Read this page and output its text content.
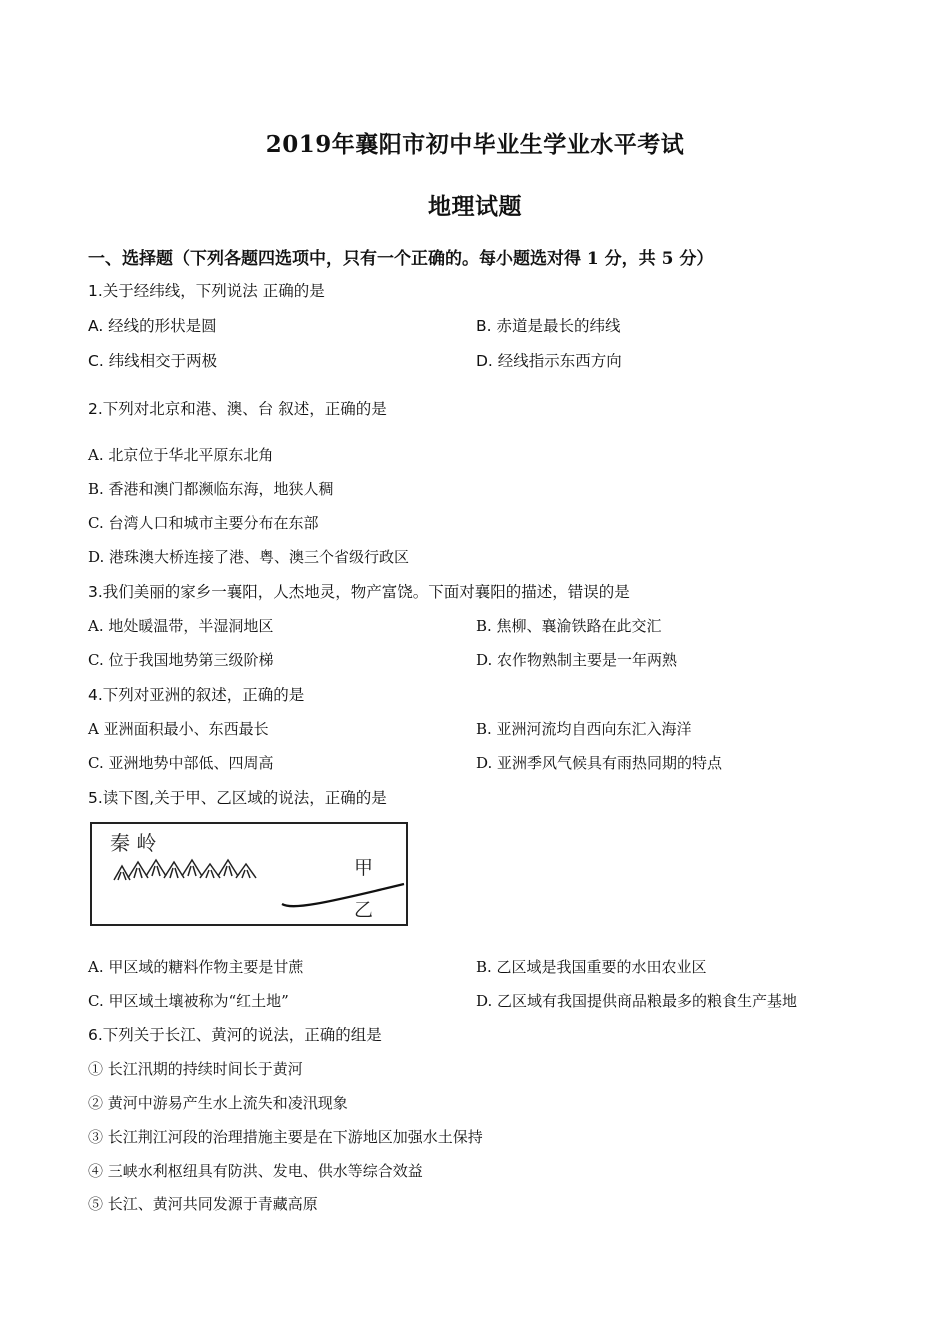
2019年襄阳市初中毕业生学业水平考试
地理试题
一、选择题（下列各题四选项中，只有一个正确的。每小题选对得 1 分，共 5 分）
1.关于经纬线，下列说法 正确的是
A. 经线的形状是圆	B. 赤道是最长的纬线
C. 纬线相交于两极	D. 经线指示东西方向
2.下列对北京和港、澳、台 叙述，正确的是
A. 北京位于华北平原东北角
B. 香港和澳门都濒临东海，地狭人稠
C. 台湾人口和城市主要分布在东部
D. 港珠澳大桥连接了港、粤、澳三个省级行政区
3.我们美丽的家乡一襄阳，人杰地灵，物产富饶。下面对襄阳的描述，错误的是
A. 地处暖温带，半湿洞地区	B. 焦柳、襄渝铁路在此交汇
C. 位于我国地势第三级阶梯	D. 农作物熟制主要是一年两熟
4.下列对亚洲的叙述，正确的是
A 亚洲面积最小、东西最长	B. 亚洲河流均自西向东汇入海洋
C. 亚洲地势中部低、四周高	D. 亚洲季风气候具有雨热同期的特点
5.读下图,关于甲、乙区域的说法，正确的是
秦 岭
甲
乙
A. 甲区域的糖料作物主要是甘蔗	B. 乙区域是我国重要的水田农业区
C. 甲区域土壤被称为“红土地”	D. 乙区域有我国提供商品粮最多的粮食生产基地
6.下列关于长江、黄河的说法，正确的组是
① 长江汛期的持续时间长于黄河
② 黄河中游易产生水上流失和凌汛现象
③ 长江荆江河段的治理措施主要是在下游地区加强水土保持
④ 三峡水利枢纽具有防洪、发电、供水等综合效益
⑤ 长江、黄河共同发源于青藏高原
